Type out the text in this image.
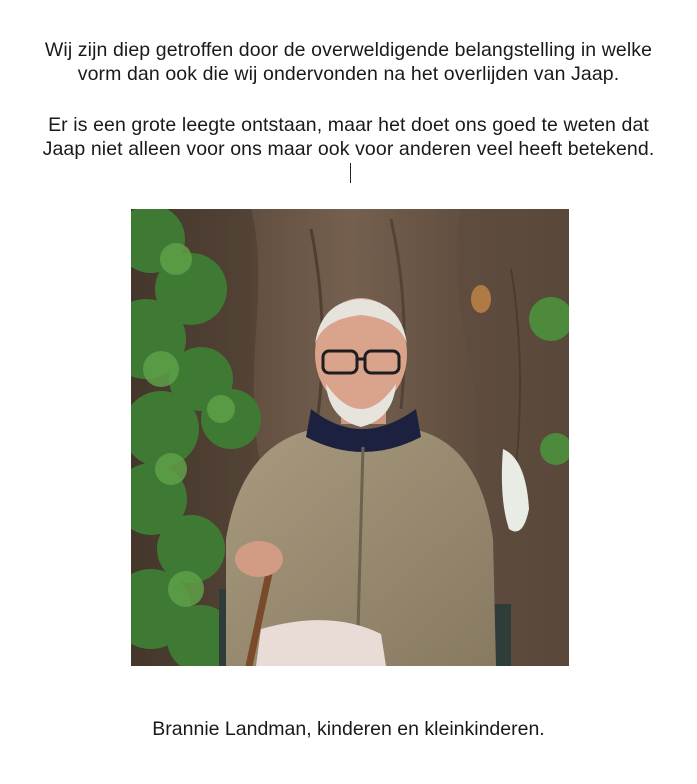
Wij zijn diep getroffen door de overweldigende belangstelling in welke
vorm dan ook die wij ondervonden na het overlijden van Jaap.
Er is een grote leegte ontstaan, maar het doet ons goed te weten dat
Jaap niet alleen voor ons maar ook voor anderen veel heeft betekend.

Brannie Landman, kinderen en kleinkinderen.
